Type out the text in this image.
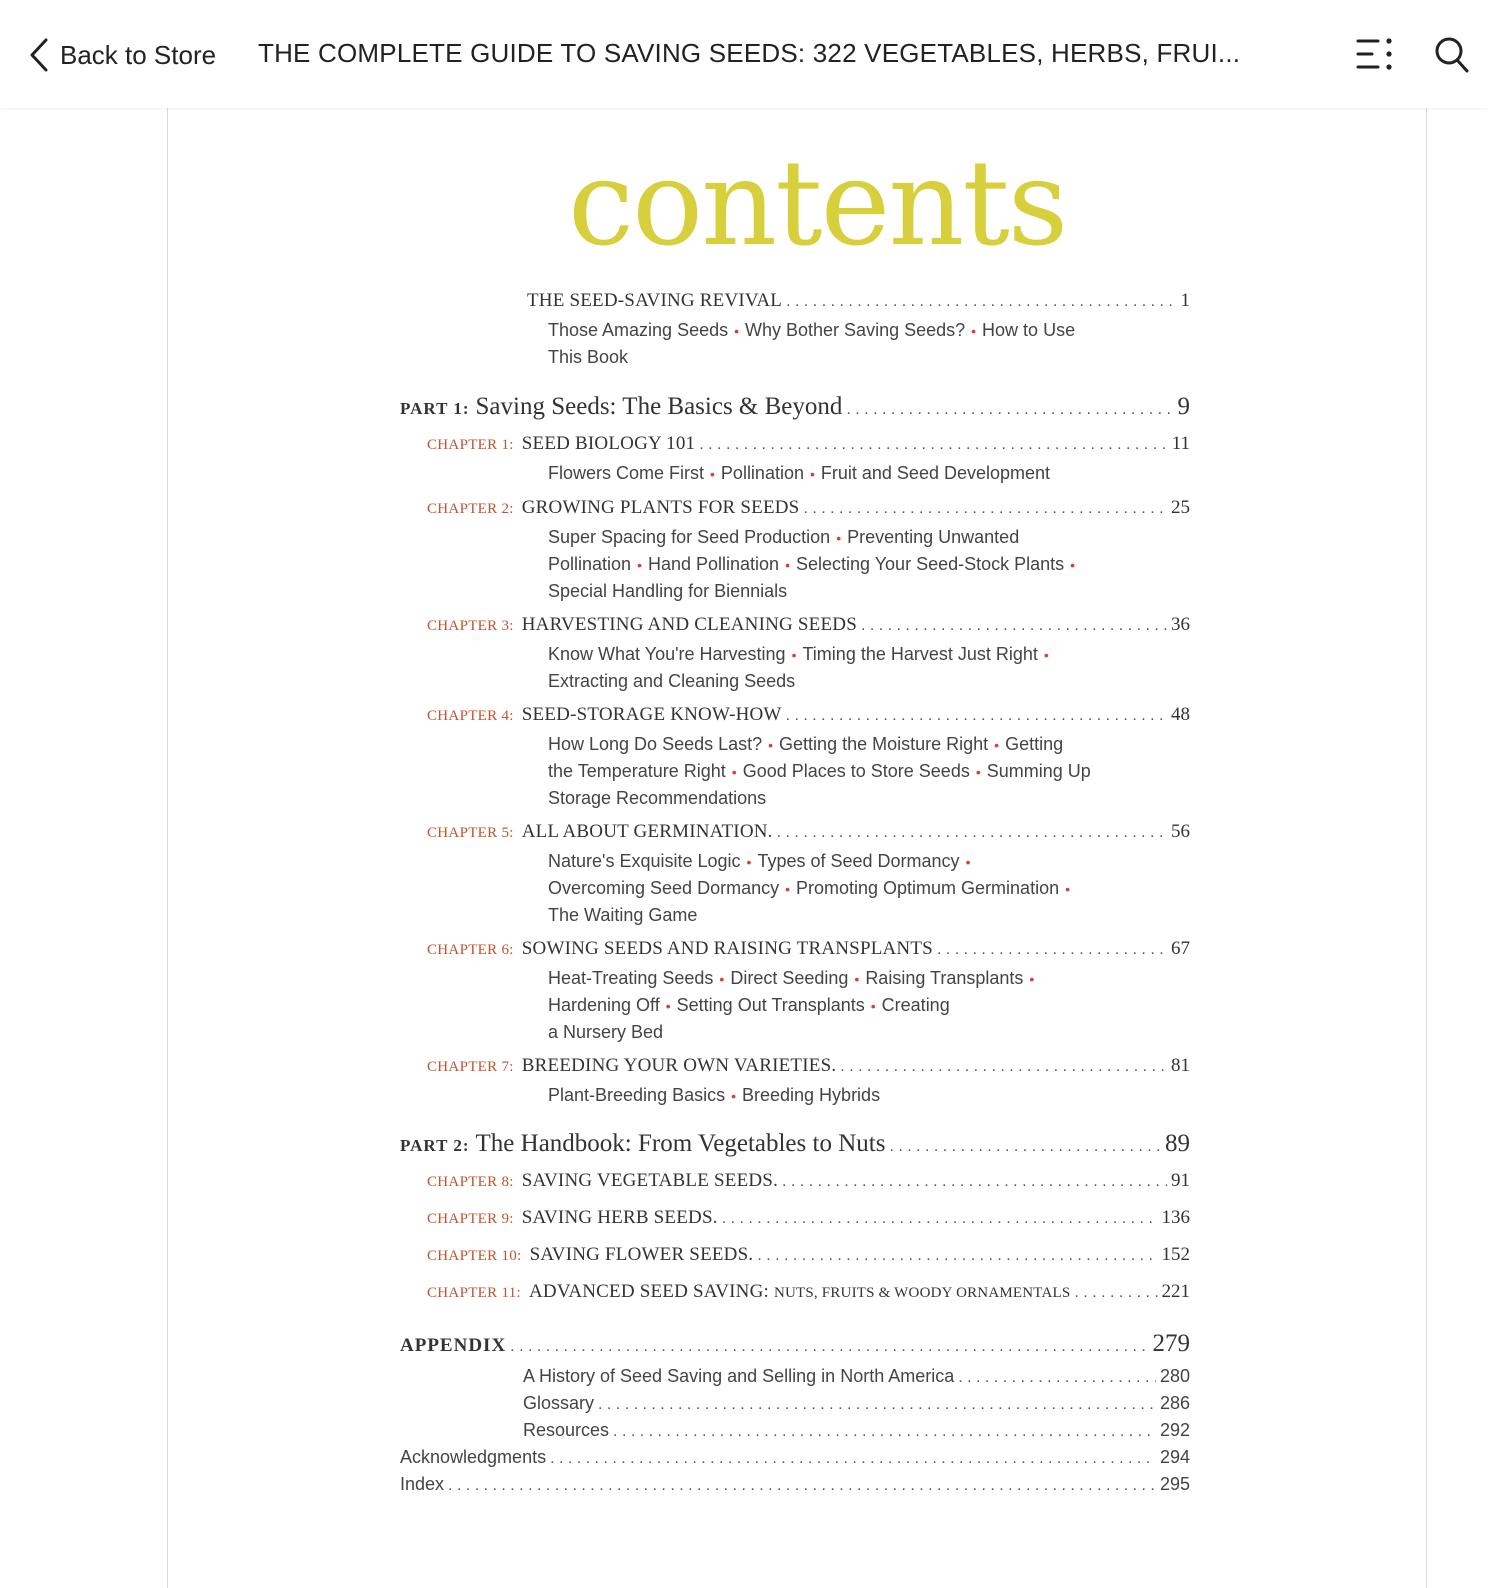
Back to Store THE COMPLETE GUIDE TO SAVING SEEDS: 322 VEGETABLES, HERBS, FRUI...
contents
THE SEED-SAVING REVIVAL . . .	1
Those Amazing Seeds • Why Bother Saving Seeds? • How to Use
This Book
PART 1: Saving Seeds: The Basics & Beyond . . .	9
CHAPTER 1: SEED BIOLOGY 101 . . .	11
Flowers Come First • Pollination • Fruit and Seed Development
CHAPTER 2: GROWING PLANTS FOR SEEDS . . .	25
Super Spacing for Seed Production • Preventing Unwanted
Pollination • Hand Pollination • Selecting Your Seed-Stock Plants •
Special Handling for Biennials
CHAPTER 3: HARVESTING AND CLEANING SEEDS . . .	36
Know What You're Harvesting • Timing the Harvest Just Right •
Extracting and Cleaning Seeds
CHAPTER 4: SEED-STORAGE KNOW-HOW . . .	48
How Long Do Seeds Last? • Getting the Moisture Right • Getting
the Temperature Right • Good Places to Store Seeds • Summing Up
Storage Recommendations
CHAPTER 5: ALL ABOUT GERMINATION. . . .	56
Nature's Exquisite Logic • Types of Seed Dormancy •
Overcoming Seed Dormancy • Promoting Optimum Germination •
The Waiting Game
CHAPTER 6: SOWING SEEDS AND RAISING TRANSPLANTS . . .	67
Heat-Treating Seeds • Direct Seeding • Raising Transplants •
Hardening Off • Setting Out Transplants • Creating
a Nursery Bed
CHAPTER 7: BREEDING YOUR OWN VARIETIES. . . .	81
Plant-Breeding Basics • Breeding Hybrids
PART 2: The Handbook: From Vegetables to Nuts . . .	89
CHAPTER 8: SAVING VEGETABLE SEEDS. . . .	91
CHAPTER 9: SAVING HERB SEEDS. . . .	136
CHAPTER 10: SAVING FLOWER SEEDS. . . .	152
CHAPTER 11: ADVANCED SEED SAVING: NUTS, FRUITS & WOODY ORNAMENTALS . . .	221
APPENDIX . . .	279
A History of Seed Saving and Selling in North America . . .	280
Glossary . . .	286
Resources . . .	292
Acknowledgments . . .	294
Index . . .	295
